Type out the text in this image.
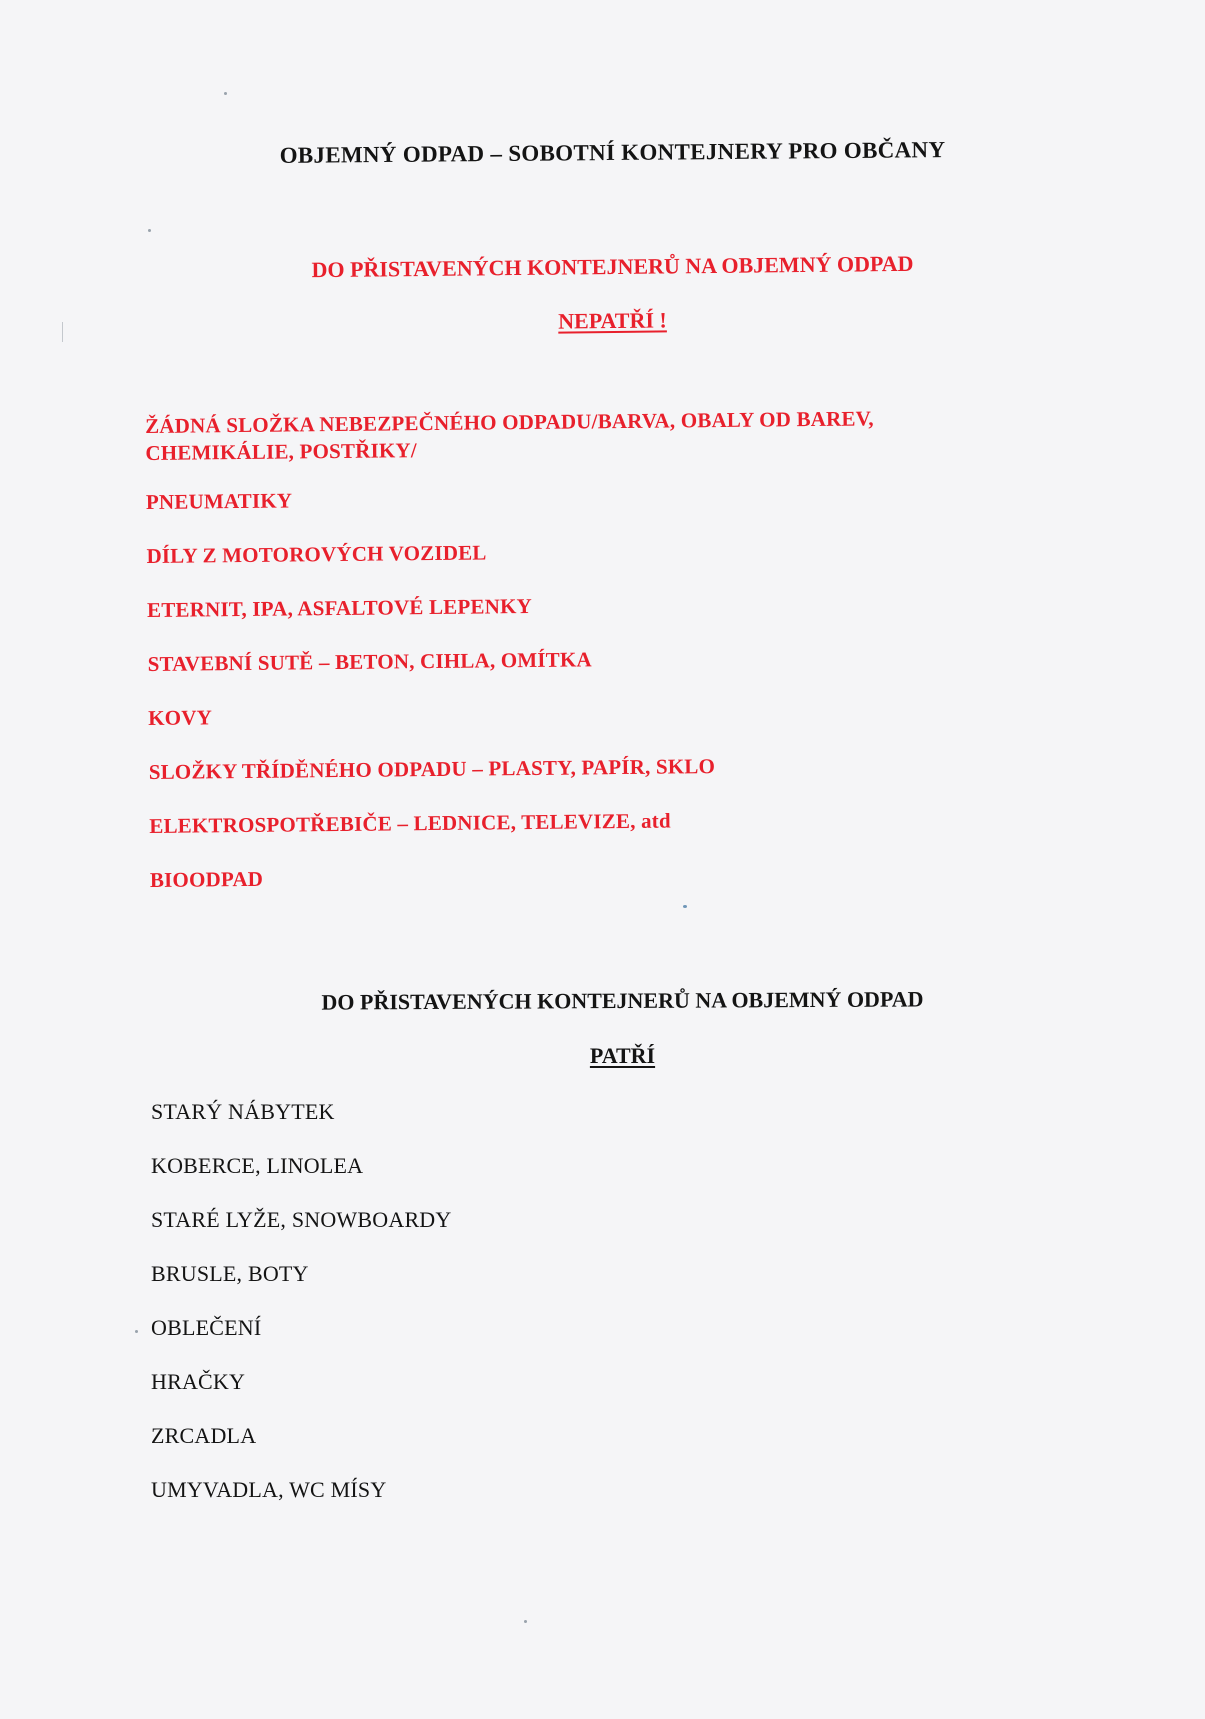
OBJEMNÝ ODPAD – SOBOTNÍ KONTEJNERY PRO OBČANY
DO PŘISTAVENÝCH KONTEJNERŮ NA OBJEMNÝ ODPAD
NEPATŘÍ !
ŽÁDNÁ SLOŽKA NEBEZPEČNÉHO ODPADU/BARVA, OBALY OD BAREV, CHEMIKÁLIE, POSTŘIKY/
PNEUMATIKY
DÍLY Z MOTOROVÝCH VOZIDEL
ETERNIT, IPA, ASFALTOVÉ LEPENKY
STAVEBNÍ SUTĚ – BETON, CIHLA, OMÍTKA
KOVY
SLOŽKY TŘÍDĚNÉHO ODPADU – PLASTY, PAPÍR, SKLO
ELEKTROSPOTŘEBIČE – LEDNICE, TELEVIZE, atd
BIOODPAD
DO PŘISTAVENÝCH KONTEJNERŮ NA OBJEMNÝ ODPAD
PATŘÍ
STARÝ NÁBYTEK
KOBERCE, LINOLEA
STARÉ LYŽE, SNOWBOARDY
BRUSLE, BOTY
OBLEČENÍ
HRAČKY
ZRCADLA
UMYVADLA, WC MÍSY
